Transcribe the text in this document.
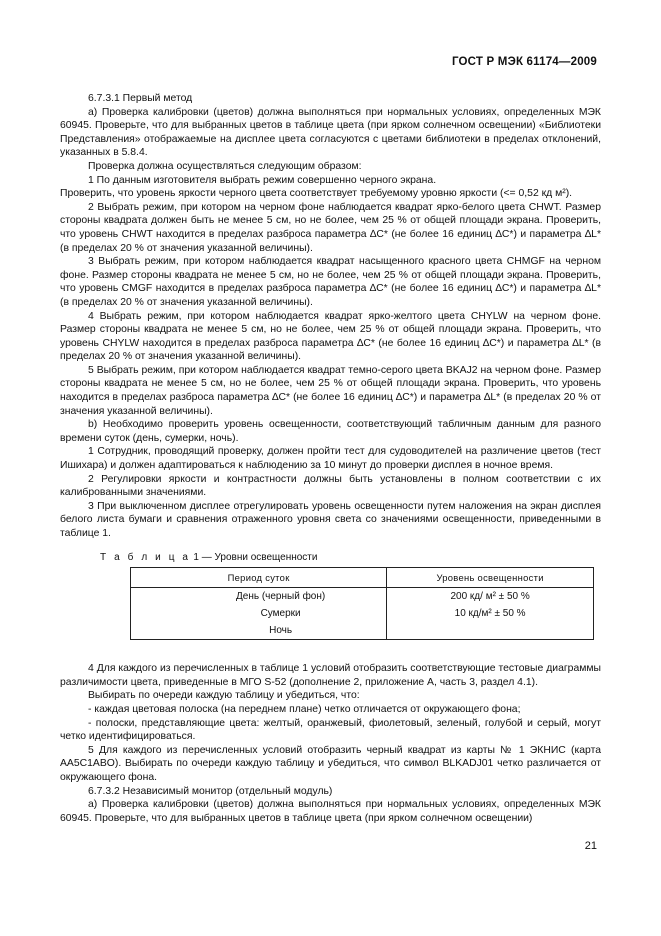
ГОСТ Р МЭК 61174—2009

6.7.3.1 Первый метод

а) Проверка калибровки (цветов) должна выполняться при нормальных условиях, определенных МЭК 60945. Проверьте, что для выбранных цветов в таблице цвета (при ярком солнечном освещении) «Библиотеки Представления» отображаемые на дисплее цвета согласуются с цветами библиотеки в пределах отклонений, указанных в 5.8.4.

Проверка должна осуществляться следующим образом:

1 По данным изготовителя выбрать режим совершенно черного экрана.

Проверить, что уровень яркости черного цвета соответствует требуемому уровню яркости (<= 0,52 кд м²).

2 Выбрать режим, при котором на черном фоне наблюдается квадрат ярко-белого цвета CHWT. Размер стороны квадрата должен быть не менее 5 см, но не более, чем 25 % от общей площади экрана. Проверить, что уровень CHWT находится в пределах разброса параметра ∆С* (не более 16 единиц ∆С*) и параметра ∆L* (в пределах 20 % от значения указанной величины).

3 Выбрать режим, при котором наблюдается квадрат насыщенного красного цвета CHMGF на черном фоне. Размер стороны квадрата не менее 5 см, но не более, чем 25 % от общей площади экрана. Проверить, что уровень CMGF находится в пределах разброса параметра ∆С* (не более 16 единиц ∆С*) и параметра ∆L* (в пределах 20 % от значения указанной величины).

4 Выбрать режим, при котором наблюдается квадрат ярко-желтого цвета CHYLW на черном фоне. Размер стороны квадрата не менее 5 см, но не более, чем 25 % от общей площади экрана. Проверить, что уровень CHYLW находится в пределах разброса параметра ∆С* (не более 16 единиц ∆С*) и параметра ∆L* (в пределах 20 % от значения указанной величины).

5 Выбрать режим, при котором наблюдается квадрат темно-серого цвета BKAJ2 на черном фоне. Размер стороны квадрата не менее 5 см, но не более, чем 25 % от общей площади экрана. Проверить, что уровень находится в пределах разброса параметра ∆С* (не более 16 единиц ∆С*) и параметра ∆L* (в пределах 20 % от значения указанной величины).

b) Необходимо проверить уровень освещенности, соответствующий табличным данным для разного времени суток (день, сумерки, ночь).

1 Сотрудник, проводящий проверку, должен пройти тест для судоводителей на различение цветов (тест Ишихара) и должен адаптироваться к наблюдению за 10 минут до проверки дисплея в ночное время.

2 Регулировки яркости и контрастности должны быть установлены в полном соответствии с их калиброванными значениями.

3 При выключенном дисплее отрегулировать уровень освещенности путем наложения на экран дисплея белого листа бумаги и сравнения отраженного уровня света со значениями освещенности, приведенными в таблице 1.

Т а б л и ц а 1 — Уровни освещенности
Период суток	Уровень освещенности
День (черный фон)	200 кд/ м² ± 50 %
Сумерки	10 кд/м² ± 50 %
Ночь	

4 Для каждого из перечисленных в таблице 1 условий отобразить соответствующие тестовые диаграммы различимости цвета, приведенные в МГО S-52 (дополнение 2, приложение А, часть 3, раздел 4.1).

Выбирать по очереди каждую таблицу и убедиться, что:

- каждая цветовая полоска (на переднем плане) четко отличается от окружающего фона;

- полоски, представляющие цвета: желтый, оранжевый, фиолетовый, зеленый, голубой и серый, могут четко идентифицироваться.

5 Для каждого из перечисленных условий отобразить черный квадрат из карты № 1 ЭКНИС (карта AA5C1ABO). Выбирать по очереди каждую таблицу и убедиться, что символ BLKADJ01 четко различается от окружающего фона.

6.7.3.2 Независимый монитор (отдельный модуль)

а) Проверка калибровки (цветов) должна выполняться при нормальных условиях, определенных МЭК 60945. Проверьте, что для выбранных цветов в таблице цвета (при ярком солнечном освещении)

21
